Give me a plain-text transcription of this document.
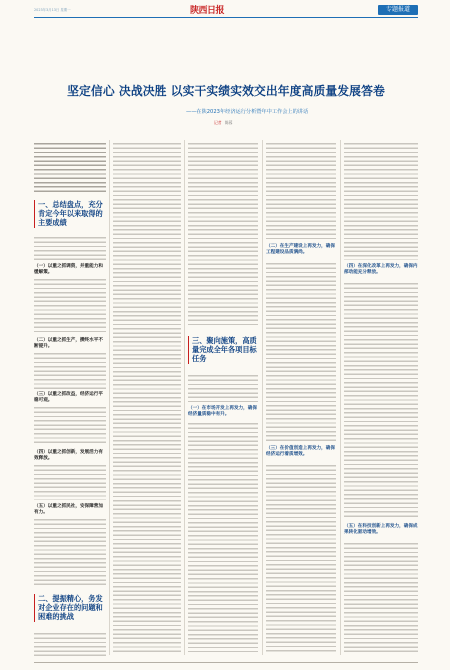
2023年3月13日 星期一	陕西日报	专题报道
坚定信心 决战决胜 以实干实绩实效交出年度高质量发展答卷
——在陕2023年经济运行分析暨年中工作会上的讲话
记者 陈蓉
一、总结盘点，充分肯定今年以来取得的主要成绩
（一）以重之抓调资，并重能力和缓解策。
（二）以重之抓生产，攒终水平不断提升。
（三）以重之抓改益，经济运行平稳可观。
（四）以重之抓创新，发展活力有效释放。
（五）以重之抓民社，安保障营加有力。
二、提振精心，务发对企业存在的问题和困难的挑战
三、聚向施策，高质量完成全年各项目标任务
（一）在市场开发上再发力，确保经济量质稳中有升。
（二）在生产建设上再发力，确保工程建设品质满尚。
（三）在价值创造上再发力，确保经济运行着质增效。
（四）在深化改革上再发力，确保内部动能充分释放。
（五）在科技创新上再发力，确保成果转化驱动增效。
